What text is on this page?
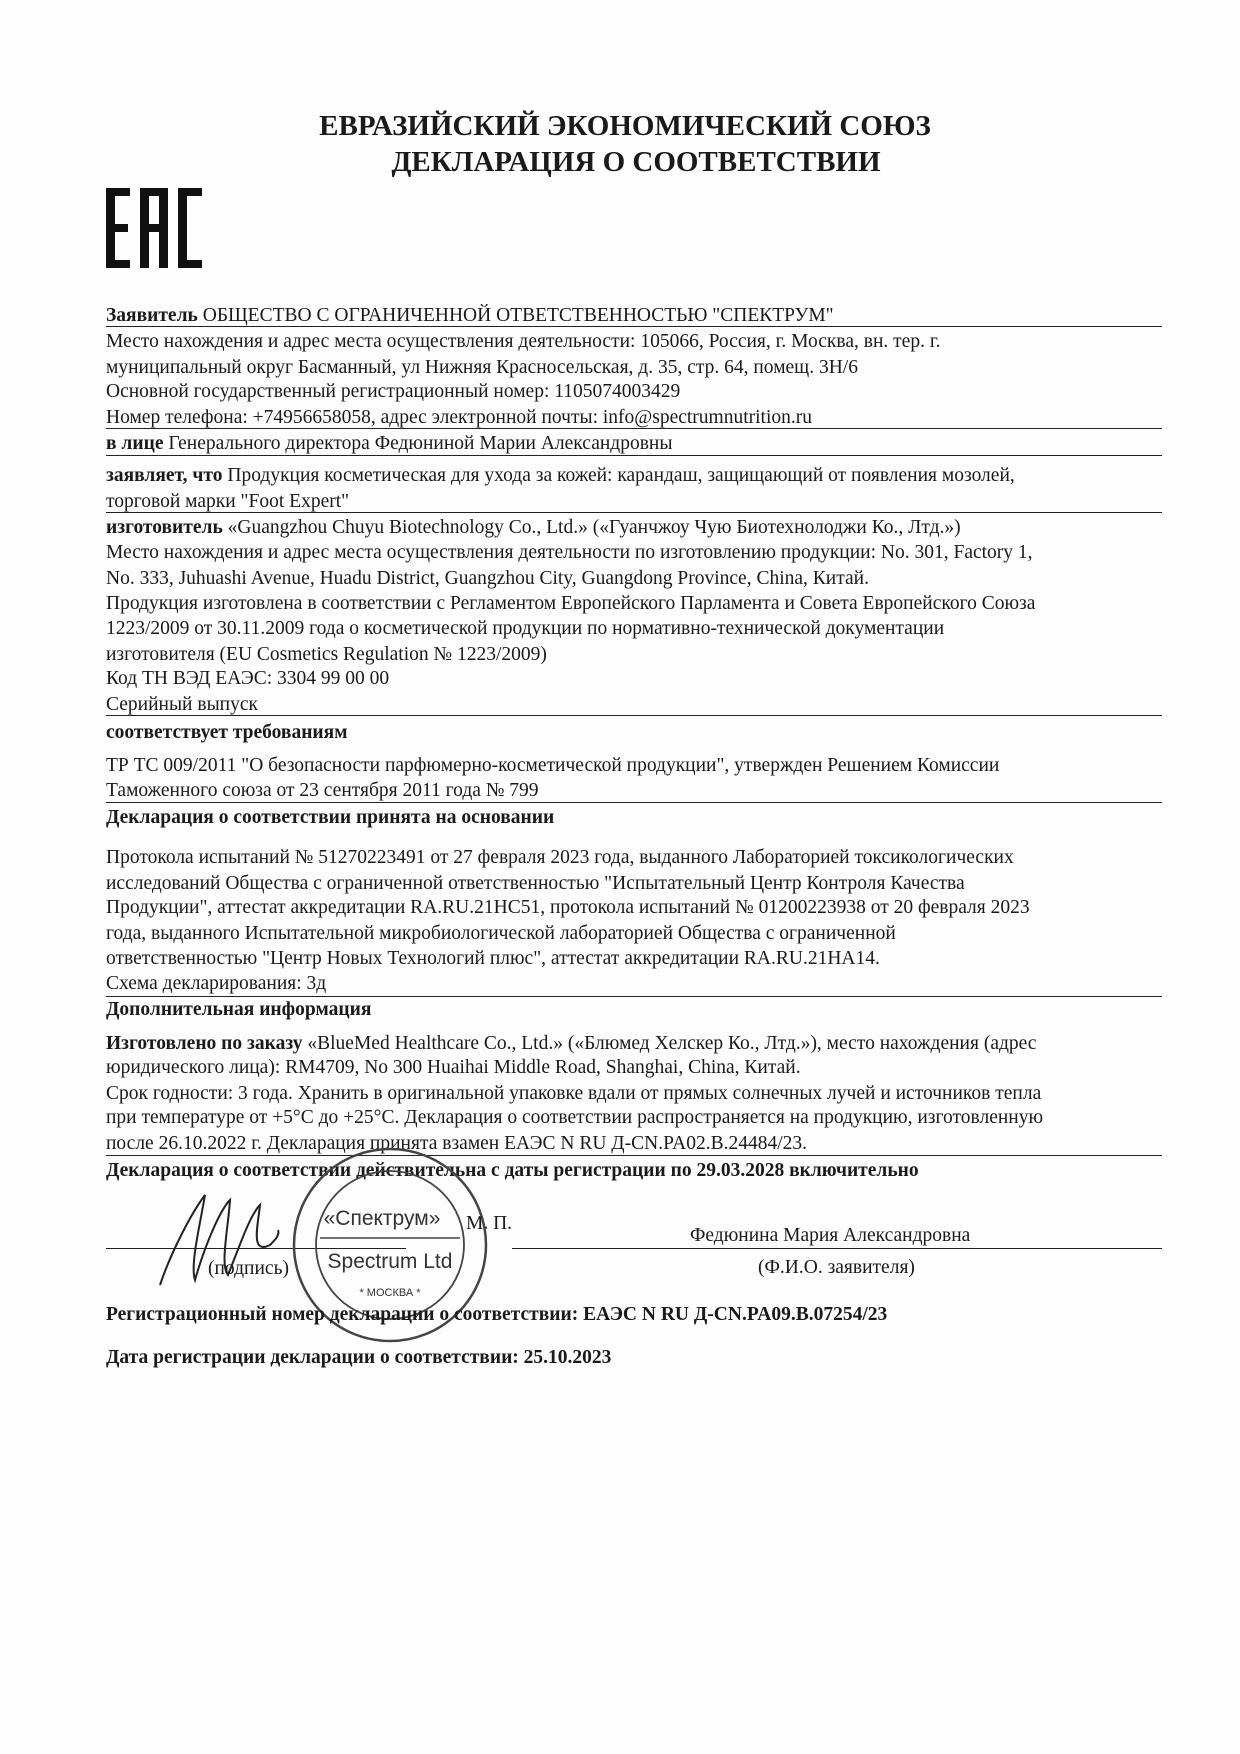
ЕВРАЗИЙСКИЙ ЭКОНОМИЧЕСКИЙ СОЮЗ
ДЕКЛАРАЦИЯ О СООТВЕТСТВИИ
Заявитель ОБЩЕСТВО С ОГРАНИЧЕННОЙ ОТВЕТСТВЕННОСТЬЮ "СПЕКТРУМ"
Место нахождения и адрес места осуществления деятельности: 105066, Россия, г. Москва, вн. тер. г.
муниципальный округ Басманный, ул Нижняя Красносельская, д. 35, стр. 64, помещ. 3Н/6
Основной государственный регистрационный номер: 1105074003429
Номер телефона: +74956658058, адрес электронной почты: info@spectrumnutrition.ru
в лице Генерального директора Федюниной Марии Александровны
заявляет, что Продукция косметическая для ухода за кожей: карандаш, защищающий от появления мозолей,
торговой марки "Foot Expert"
изготовитель «Guangzhou Chuyu Biotechnology Co., Ltd.» («Гуанчжоу Чую Биотехнолоджи Ко., Лтд.»)
Место нахождения и адрес места осуществления деятельности по изготовлению продукции: No. 301, Factory 1,
No. 333, Juhuashi Avenue, Huadu District, Guangzhou City, Guangdong Province, China, Китай.
Продукция изготовлена в соответствии с Регламентом Европейского Парламента и Совета Европейского Союза
1223/2009 от 30.11.2009 года о косметической продукции по нормативно-технической документации
изготовителя (EU Cosmetics Regulation № 1223/2009)
Код ТН ВЭД ЕАЭС: 3304 99 00 00
Серийный выпуск
соответствует требованиям
ТР ТС 009/2011 "О безопасности парфюмерно-косметической продукции", утвержден Решением Комиссии
Таможенного союза от 23 сентября 2011 года № 799
Декларация о соответствии принята на основании
Протокола испытаний № 51270223491 от 27 февраля 2023 года, выданного Лабораторией токсикологических
исследований Общества с ограниченной ответственностью "Испытательный Центр Контроля Качества
Продукции", аттестат аккредитации RA.RU.21НС51, протокола испытаний № 01200223938 от 20 февраля 2023
года, выданного Испытательной микробиологической лабораторией Общества с ограниченной
ответственностью "Центр Новых Технологий плюс", аттестат аккредитации RA.RU.21НА14.
Схема декларирования: 3д
Дополнительная информация
Изготовлено по заказу «BlueMed Healthcare Co., Ltd.» («Блюмед Хелскер Ко., Лтд.»), место нахождения (адрес
юридического лица): RM4709, No 300 Huaihai Middle Road, Shanghai, China, Китай.
Срок годности: 3 года. Хранить в оригинальной упаковке вдали от прямых солнечных лучей и источников тепла
при температуре от +5°С до +25°С. Декларация о соответствии распространяется на продукцию, изготовленную
после 26.10.2022 г. Декларация принята взамен ЕАЭС N RU Д-CN.PA02.B.24484/23.
Декларация о соответствии действительна с даты регистрации по 29.03.2028 включительно
М. П.
(подпись)
Федюнина Мария Александровна
(Ф.И.О. заявителя)
«Спектрум»
Spectrum Ltd
* МОСКВА *
Регистрационный номер декларации о соответствии: ЕАЭС N RU Д-CN.PA09.B.07254/23
Дата регистрации декларации о соответствии: 25.10.2023
